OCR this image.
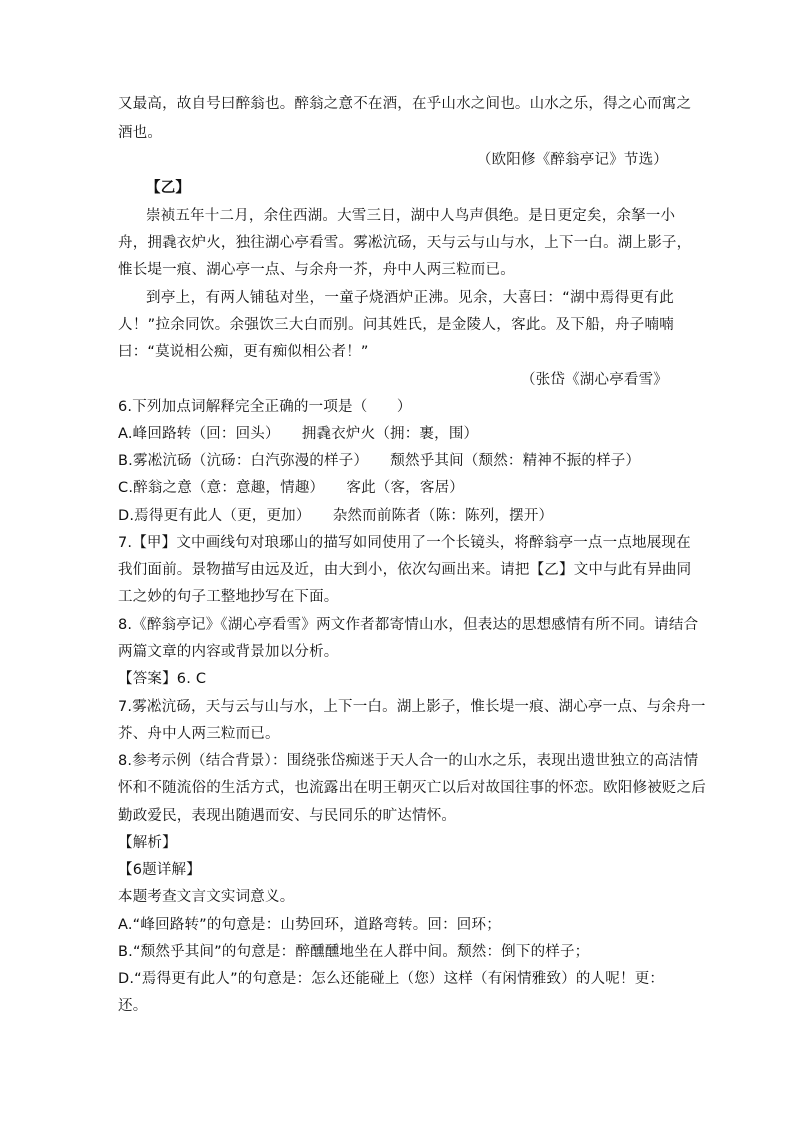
又最高，故自号曰醉翁也。醉翁之意不在酒，在乎山水之间也。山水之乐，得之心而寓之
酒也。
（欧阳修《醉翁亭记》节选）
【乙】
崇祯五年十二月，余住西湖。大雪三日，湖中人鸟声俱绝。是日更定矣，余拏一小
舟，拥毳衣炉火，独往湖心亭看雪。雾凇沆砀，天与云与山与水，上下一白。湖上影子，
惟长堤一痕、湖心亭一点、与余舟一芥，舟中人两三粒而已。
到亭上，有两人铺毡对坐，一童子烧酒炉正沸。见余，大喜曰：“湖中焉得更有此
人！”拉余同饮。余强饮三大白而别。问其姓氏，是金陵人，客此。及下船，舟子喃喃
曰：“莫说相公痴，更有痴似相公者！”
（张岱《湖心亭看雪》
6.下列加点词解释完全正确的一项是（　　）
A.峰回路转（回：回头）　　拥毳衣炉火（拥：裹，围）
B.雾凇沆砀（沆砀：白汽弥漫的样子）　　颓然乎其间（颓然：精神不振的样子）
C.醉翁之意（意：意趣，情趣）　　客此（客，客居）
D.焉得更有此人（更，更加）　　杂然而前陈者（陈：陈列，摆开）
7.【甲】文中画线句对琅琊山的描写如同使用了一个长镜头，将醉翁亭一点一点地展现在
我们面前。景物描写由远及近，由大到小，依次勾画出来。请把【乙】文中与此有异曲同
工之妙的句子工整地抄写在下面。
8.《醉翁亭记》《湖心亭看雪》两文作者都寄情山水，但表达的思想感情有所不同。请结合
两篇文章的内容或背景加以分析。
【答案】6. C
7.雾凇沆砀，天与云与山与水，上下一白。湖上影子，惟长堤一痕、湖心亭一点、与余舟一
芥、舟中人两三粒而已。
8.参考示例（结合背景）：围绕张岱痴迷于天人合一的山水之乐，表现出遗世独立的高洁情
怀和不随流俗的生活方式，也流露出在明王朝灭亡以后对故国往事的怀恋。欧阳修被贬之后
勤政爱民，表现出随遇而安、与民同乐的旷达情怀。
【解析】
【6题详解】
本题考查文言文实词意义。
A.“峰回路转”的句意是：山势回环，道路弯转。回：回环；
B.“颓然乎其间”的句意是：醉醺醺地坐在人群中间。颓然：倒下的样子；
D.“焉得更有此人”的句意是：怎么还能碰上（您）这样（有闲情雅致）的人呢！更：
还。
